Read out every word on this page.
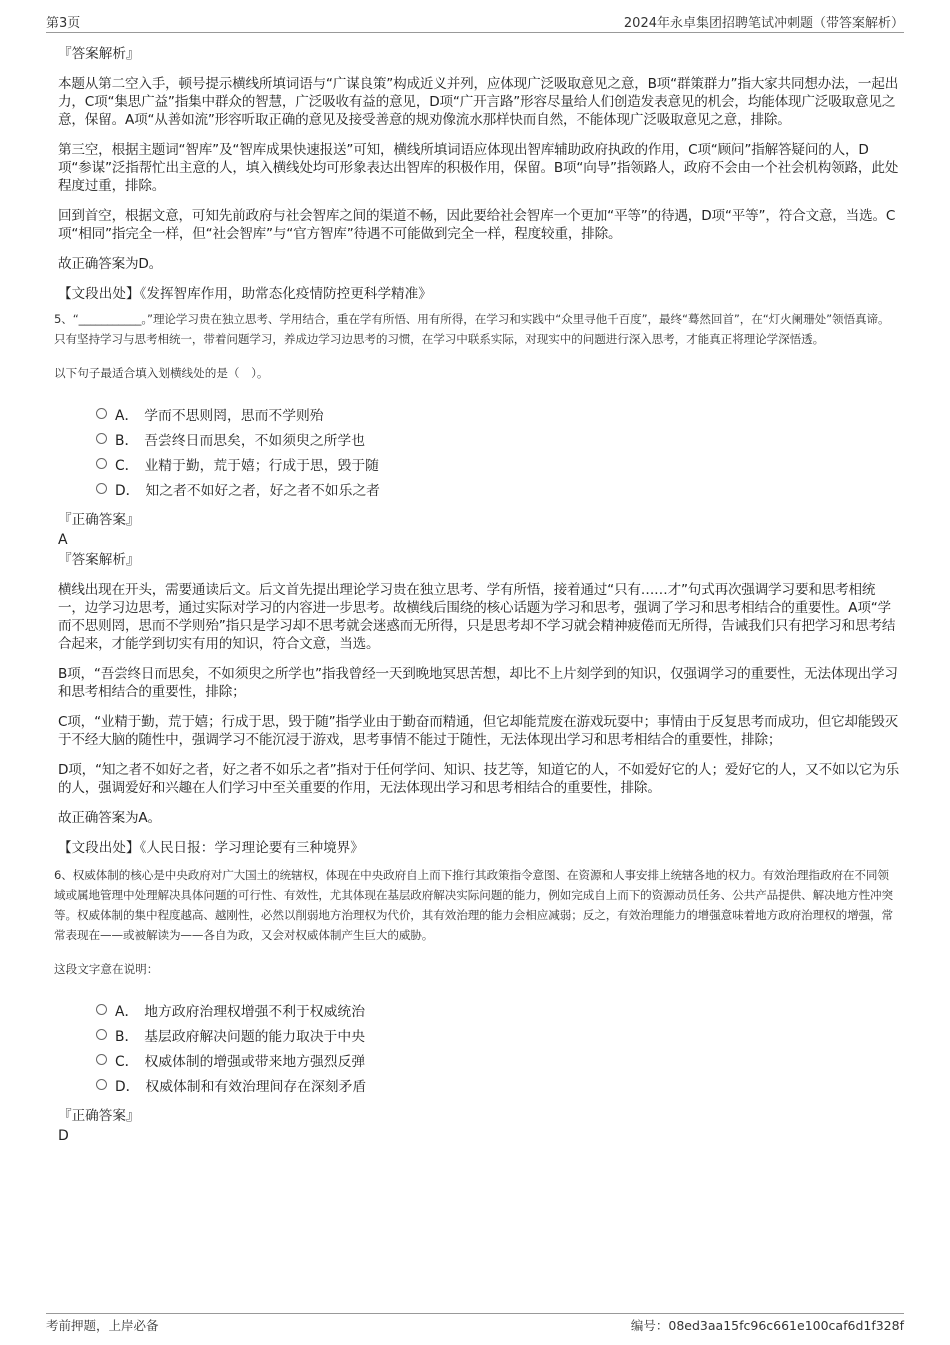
第3页	2024年永卓集团招聘笔试冲刺题（带答案解析）
『答案解析』

本题从第二空入手，顿号提示横线所填词语与“广谋良策”构成近义并列，应体现广泛吸取意见之意，B项“群策群力”指大家共同想办法，一起出力，C项“集思广益”指集中群众的智慧，广泛吸收有益的意见，D项“广开言路”形容尽量给人们创造发表意见的机会，均能体现广泛吸取意见之意，保留。A项“从善如流”形容听取正确的意见及接受善意的规劝像流水那样快而自然，不能体现广泛吸取意见之意，排除。

第三空，根据主题词“智库”及“智库成果快速报送”可知，横线所填词语应体现出智库辅助政府执政的作用，C项“顾问”指解答疑问的人，D项“参谋”泛指帮忙出主意的人，填入横线处均可形象表达出智库的积极作用，保留。B项“向导”指领路人，政府不会由一个社会机构领路，此处程度过重，排除。

回到首空，根据文意，可知先前政府与社会智库之间的渠道不畅，因此要给社会智库一个更加“平等”的待遇，D项“平等”，符合文意，当选。C项“相同”指完全一样，但“社会智库”与“官方智库”待遇不可能做到完全一样，程度较重，排除。

故正确答案为D。

【文段出处】《发挥智库作用，助常态化疫情防控更科学精准》

5、“___________。”理论学习贵在独立思考、学用结合，重在学有所悟、用有所得，在学习和实践中“众里寻他千百度”，最终“蓦然回首”，在“灯火阑珊处”领悟真谛。只有坚持学习与思考相统一，带着问题学习，养成边学习边思考的习惯，在学习中联系实际，对现实中的问题进行深入思考，才能真正将理论学深悟透。

以下句子最适合填入划横线处的是（　）。

A． 学而不思则罔，思而不学则殆
B． 吾尝终日而思矣，不如须臾之所学也
C． 业精于勤，荒于嬉；行成于思，毁于随
D． 知之者不如好之者，好之者不如乐之者
『正确答案』
A
『答案解析』

横线出现在开头，需要通读后文。后文首先提出理论学习贵在独立思考、学有所悟，接着通过“只有……才”句式再次强调学习要和思考相统一，边学习边思考，通过实际对学习的内容进一步思考。故横线后围绕的核心话题为学习和思考，强调了学习和思考相结合的重要性。A项“学而不思则罔，思而不学则殆”指只是学习却不思考就会迷惑而无所得，只是思考却不学习就会精神疲倦而无所得，告诫我们只有把学习和思考结合起来，才能学到切实有用的知识，符合文意，当选。

B项，“吾尝终日而思矣，不如须臾之所学也”指我曾经一天到晚地冥思苦想，却比不上片刻学到的知识，仅强调学习的重要性，无法体现出学习和思考相结合的重要性，排除；

C项，“业精于勤，荒于嬉；行成于思，毁于随”指学业由于勤奋而精通，但它却能荒废在游戏玩耍中；事情由于反复思考而成功，但它却能毁灭于不经大脑的随性中，强调学习不能沉浸于游戏，思考事情不能过于随性，无法体现出学习和思考相结合的重要性，排除；

D项，“知之者不如好之者，好之者不如乐之者”指对于任何学问、知识、技艺等，知道它的人，不如爱好它的人；爱好它的人，又不如以它为乐的人，强调爱好和兴趣在人们学习中至关重要的作用，无法体现出学习和思考相结合的重要性，排除。

故正确答案为A。

【文段出处】《人民日报：学习理论要有三种境界》

6、权威体制的核心是中央政府对广大国土的统辖权，体现在中央政府自上而下推行其政策指令意图、在资源和人事安排上统辖各地的权力。有效治理指政府在不同领域或属地管理中处理解决具体问题的可行性、有效性，尤其体现在基层政府解决实际问题的能力，例如完成自上而下的资源动员任务、公共产品提供、解决地方性冲突等。权威体制的集中程度越高、越刚性，必然以削弱地方治理权为代价，其有效治理的能力会相应减弱；反之，有效治理能力的增强意味着地方政府治理权的增强，常常表现在——或被解读为——各自为政，又会对权威体制产生巨大的威胁。

这段文字意在说明：

A． 地方政府治理权增强不利于权威统治
B． 基层政府解决问题的能力取决于中央
C． 权威体制的增强或带来地方强烈反弹
D． 权威体制和有效治理间存在深刻矛盾
『正确答案』
D
考前押题，上岸必备	编号：08ed3aa15fc96c661e100caf6d1f328f
